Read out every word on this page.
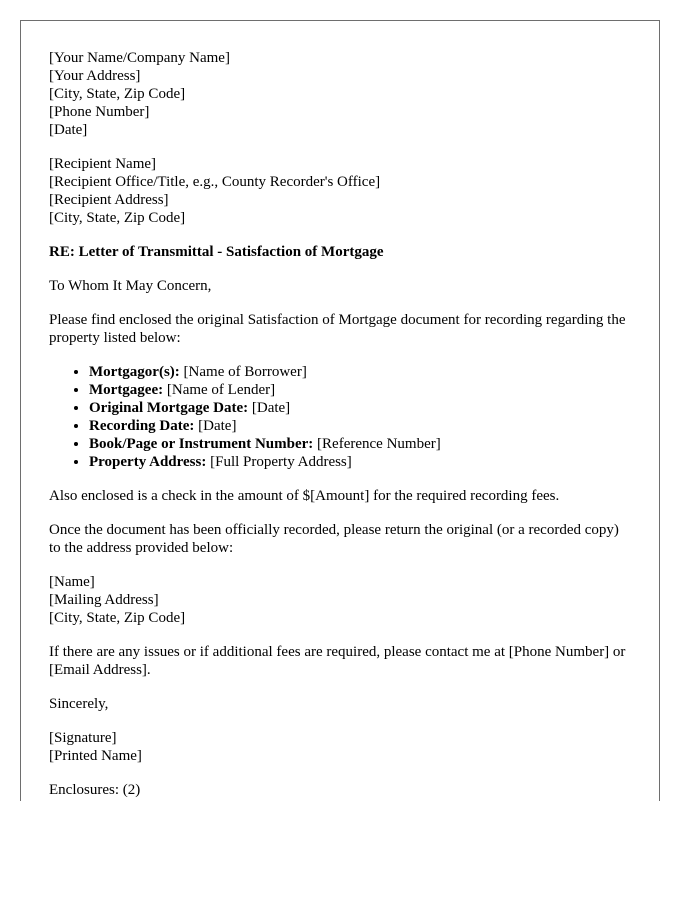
[Your Name/Company Name]
[Your Address]
[City, State, Zip Code]
[Phone Number]
[Date]
[Recipient Name]
[Recipient Office/Title, e.g., County Recorder's Office]
[Recipient Address]
[City, State, Zip Code]

RE: Letter of Transmittal - Satisfaction of Mortgage

To Whom It May Concern,

Please find enclosed the original Satisfaction of Mortgage document for recording regarding the property listed below:

• Mortgagor(s): [Name of Borrower]
• Mortgagee: [Name of Lender]
• Original Mortgage Date: [Date]
• Recording Date: [Date]
• Book/Page or Instrument Number: [Reference Number]
• Property Address: [Full Property Address]

Also enclosed is a check in the amount of $[Amount] for the required recording fees.

Once the document has been officially recorded, please return the original (or a recorded copy) to the address provided below:

[Name]
[Mailing Address]
[City, State, Zip Code]

If there are any issues or if additional fees are required, please contact me at [Phone Number] or [Email Address].

Sincerely,

[Signature]
[Printed Name]

Enclosures: (2)
